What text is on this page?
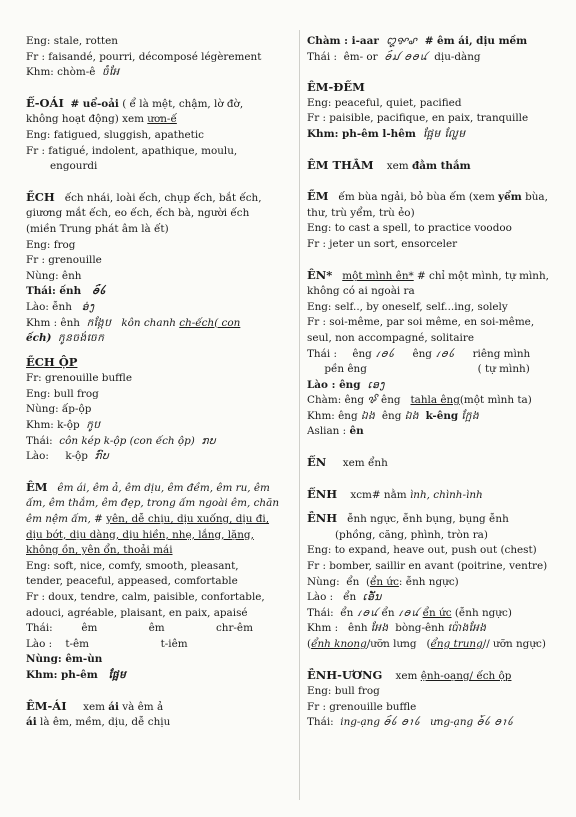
Eng: stale, rotten
Fr : faisandé, pourri, décomposé légèrement
Khm: chòm-ê ចំអែ
Ể-OẢI # uể-oải ( ể là mệt, chậm, lờ đờ,
không hoạt động) xem ươn-ế
Eng: fatigued, sluggish, apathetic
Fr : fatigué, indolent, apathique, moulu,
engourdi
ẾCH ếch nhái, loài ếch, chụp ếch, bắt ếch,
giương mắt ếch, eo ếch, ếch bà, người ếch
(miền Trung phát âm là ết)
Eng: frog
Fr : grenouille
Nùng: ênh
Thái: ếnh ꪮꪸꪉ
Lào: ễnh ອ່ງ
Khm : ênh កង្កែប kôn chanh ch-ếch( con
ếch) កូនចង់ចេក
ẾCH ỘP
Fr: grenouille buffle
Eng: bull frog
Nùng: ấp-ộp
Khm: k-ộp កូប
Thái: côn kép k-ộp (con ếch ộp) ກບ
Lào: k-ộp ກົບ
ÊM êm ái, êm ả, êm dịu, êm đềm, êm ru, êm
ấm, êm thắm, êm đẹp, trong ấm ngoài êm, chăn
êm nệm ấm, # yên, dễ chịu, dịu xuống, dịu đi,
dịu bớt, dịu dàng, dịu hiền, nhẹ, lắng, lặng,
không ồn, yên ổn, thoải mái
Eng: soft, nice, comfy, smooth, pleasant,
tender, peaceful, appeased, comfortable
Fr : doux, tendre, calm, paisible, confortable,
adouci, agréable, plaisant, en paix, apaisé
Thái:	êm	êm	chr-êm
Lào : t-êm	t-iêm
Nùng: êm-ùn
Khm: ph-êm ផ្អែម
ÊM-ÁI xem ái và êm ả
ái là êm, mềm, dịu, dễ chịu
Chàm : i-aar ꨁꨀꨣ # êm ái, dịu mềm
Thái : êm- or ꪮꪸꪣ ꪮꪮꪙ dịu-dàng
ÊM-ĐỀM
Eng: peaceful, quiet, pacified
Fr : paisible, pacifique, en paix, tranquille
Khm: ph-êm l-hêm ផ្អែម ល្ហែម
ÊM THẮM xem đằm thắm
ẾM ếm bùa ngải, bỏ bùa ếm (xem yểm bùa,
thư, trù yểm, trù ẻo)
Eng: to cast a spell, to practice voodoo
Fr : jeter un sort, ensorceler
ÊN* một mình ên* # chỉ một mình, tự mình,
không có ai ngoài ra
Eng: self.., by oneself, self...ing, solely
Fr : soi-même, par soi même, en soi-même,
seul, non accompagné, solitaire
Thái : êng ꪹꪮꪉ êng ꪹꪮꪉ riêng mình
pền êng	( tự mình)
Lào : êng ເອງ
Chàm: êng ꨃꨮ êng tahla êng(một mình ta)
Khm: êng ឯង êng ឯង k-êng ក្អែង
Aslian : ên
ỂN xem ểnh
ỂNH xcm# nằm ình, chình-ình
ỄNH ễnh ngực, ễnh bụng, bụng ễnh
(phồng, căng, phình, tròn ra)
Eng: to expand, heave out, push out (chest)
Fr : bomber, saillir en avant (poitrine, ventre)
Nùng: ển  (ển ức: ễnh ngực)
Lào : ển ເອັ່ນ
Thái: ển ꪹꪮꪙ ển ꪹꪮꪙ ển ức (ễnh ngực)
Khm : ênh អែង bòng-ênh ប៉ោងអែង
(ểnh knong/ưỡn lưng   (ểng trung// ưỡn ngực)
ỄNH-ƯƠNG xem ệnh-oạng/ ếch ộp
Eng: bull frog
Fr : grenouille buffle
Thái: ing-ạng ꪮꪸꪉ ꪮꪱꪉ ưng-ạng ꪮꪳꪉ ꪮꪱꪉ
